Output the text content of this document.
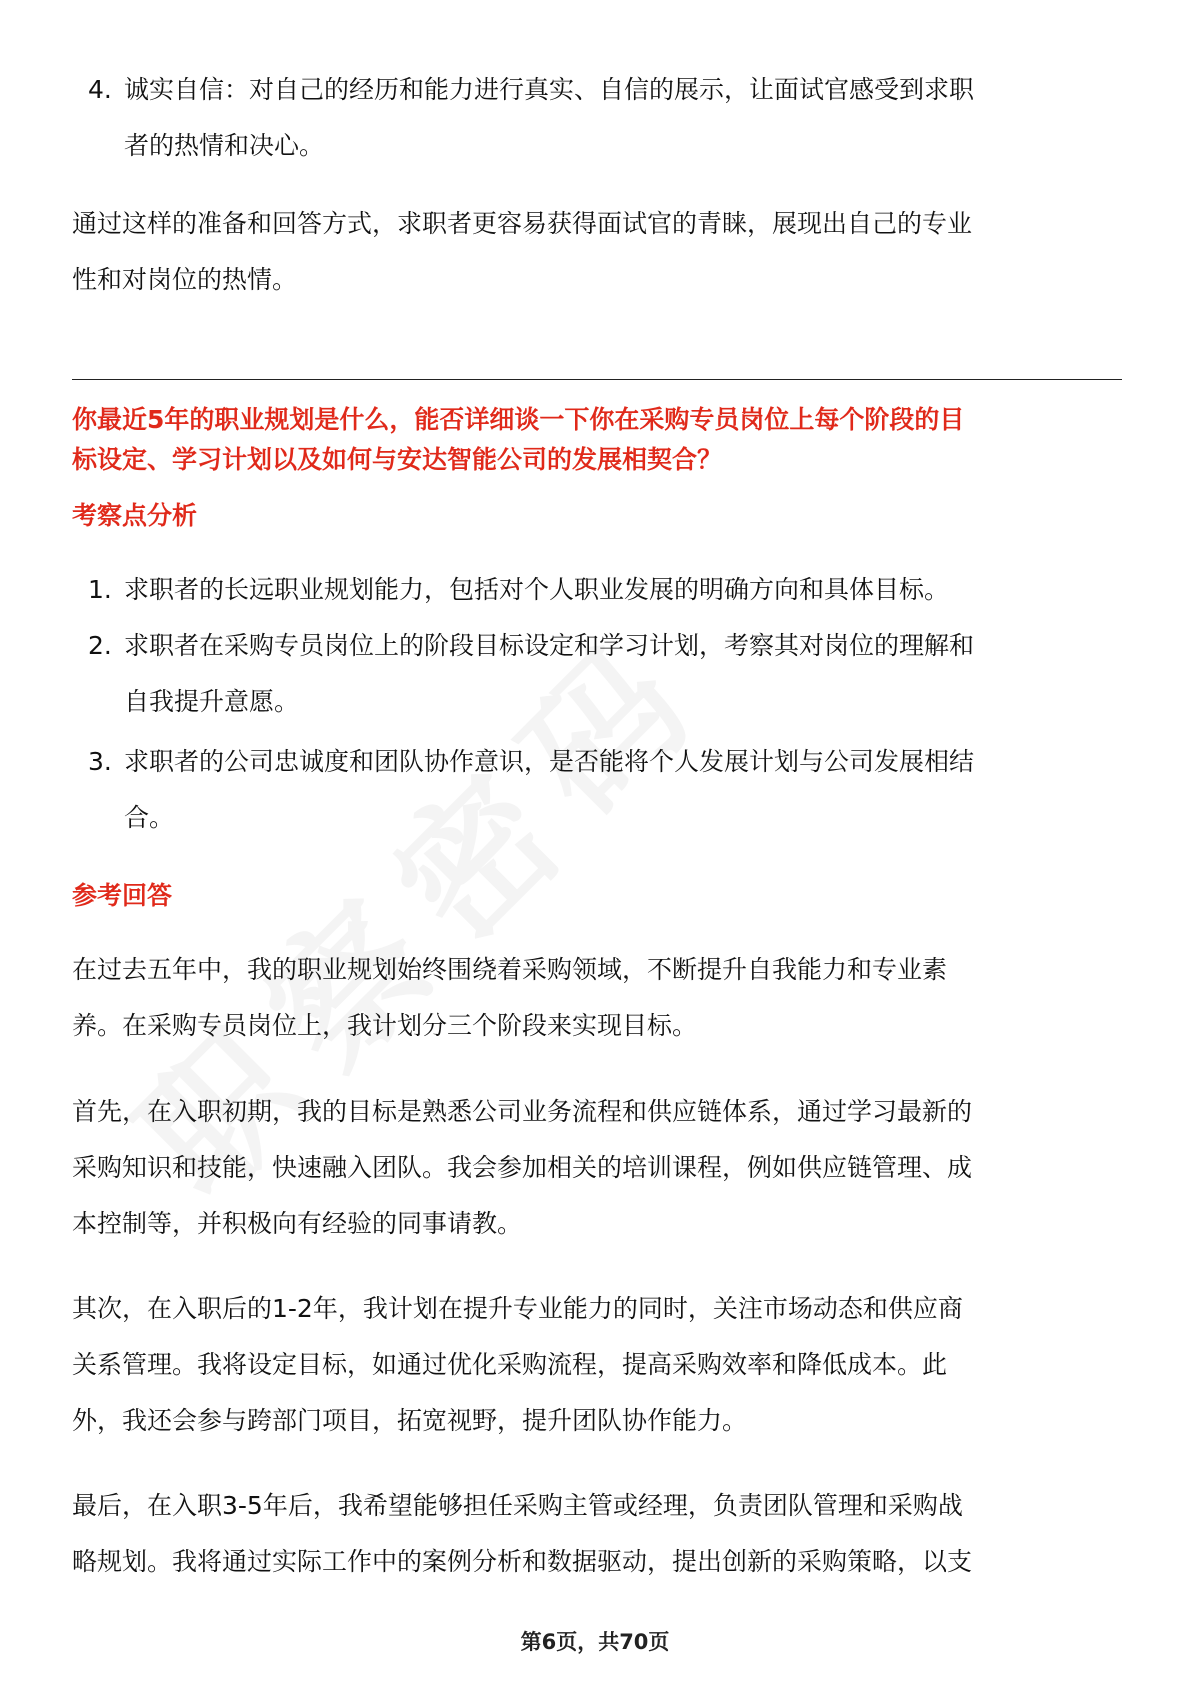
4. 诚实自信：对自己的经历和能力进行真实、自信的展示，让面试官感受到求职
者的热情和决心。
通过这样的准备和回答方式，求职者更容易获得面试官的青睐，展现出自己的专业
性和对岗位的热情。
你最近5年的职业规划是什么，能否详细谈一下你在采购专员岗位上每个阶段的目
标设定、学习计划以及如何与安达智能公司的发展相契合？
考察点分析
1. 求职者的长远职业规划能力，包括对个人职业发展的明确方向和具体目标。
2. 求职者在采购专员岗位上的阶段目标设定和学习计划，考察其对岗位的理解和
自我提升意愿。
3. 求职者的公司忠诚度和团队协作意识，是否能将个人发展计划与公司发展相结
合。
参考回答
在过去五年中，我的职业规划始终围绕着采购领域，不断提升自我能力和专业素
养。在采购专员岗位上，我计划分三个阶段来实现目标。
首先，在入职初期，我的目标是熟悉公司业务流程和供应链体系，通过学习最新的
采购知识和技能，快速融入团队。我会参加相关的培训课程，例如供应链管理、成
本控制等，并积极向有经验的同事请教。
其次，在入职后的1-2年，我计划在提升专业能力的同时，关注市场动态和供应商
关系管理。我将设定目标，如通过优化采购流程，提高采购效率和降低成本。此
外，我还会参与跨部门项目，拓宽视野，提升团队协作能力。
最后，在入职3-5年后，我希望能够担任采购主管或经理，负责团队管理和采购战
略规划。我将通过实际工作中的案例分析和数据驱动，提出创新的采购策略，以支
第6页，共70页
